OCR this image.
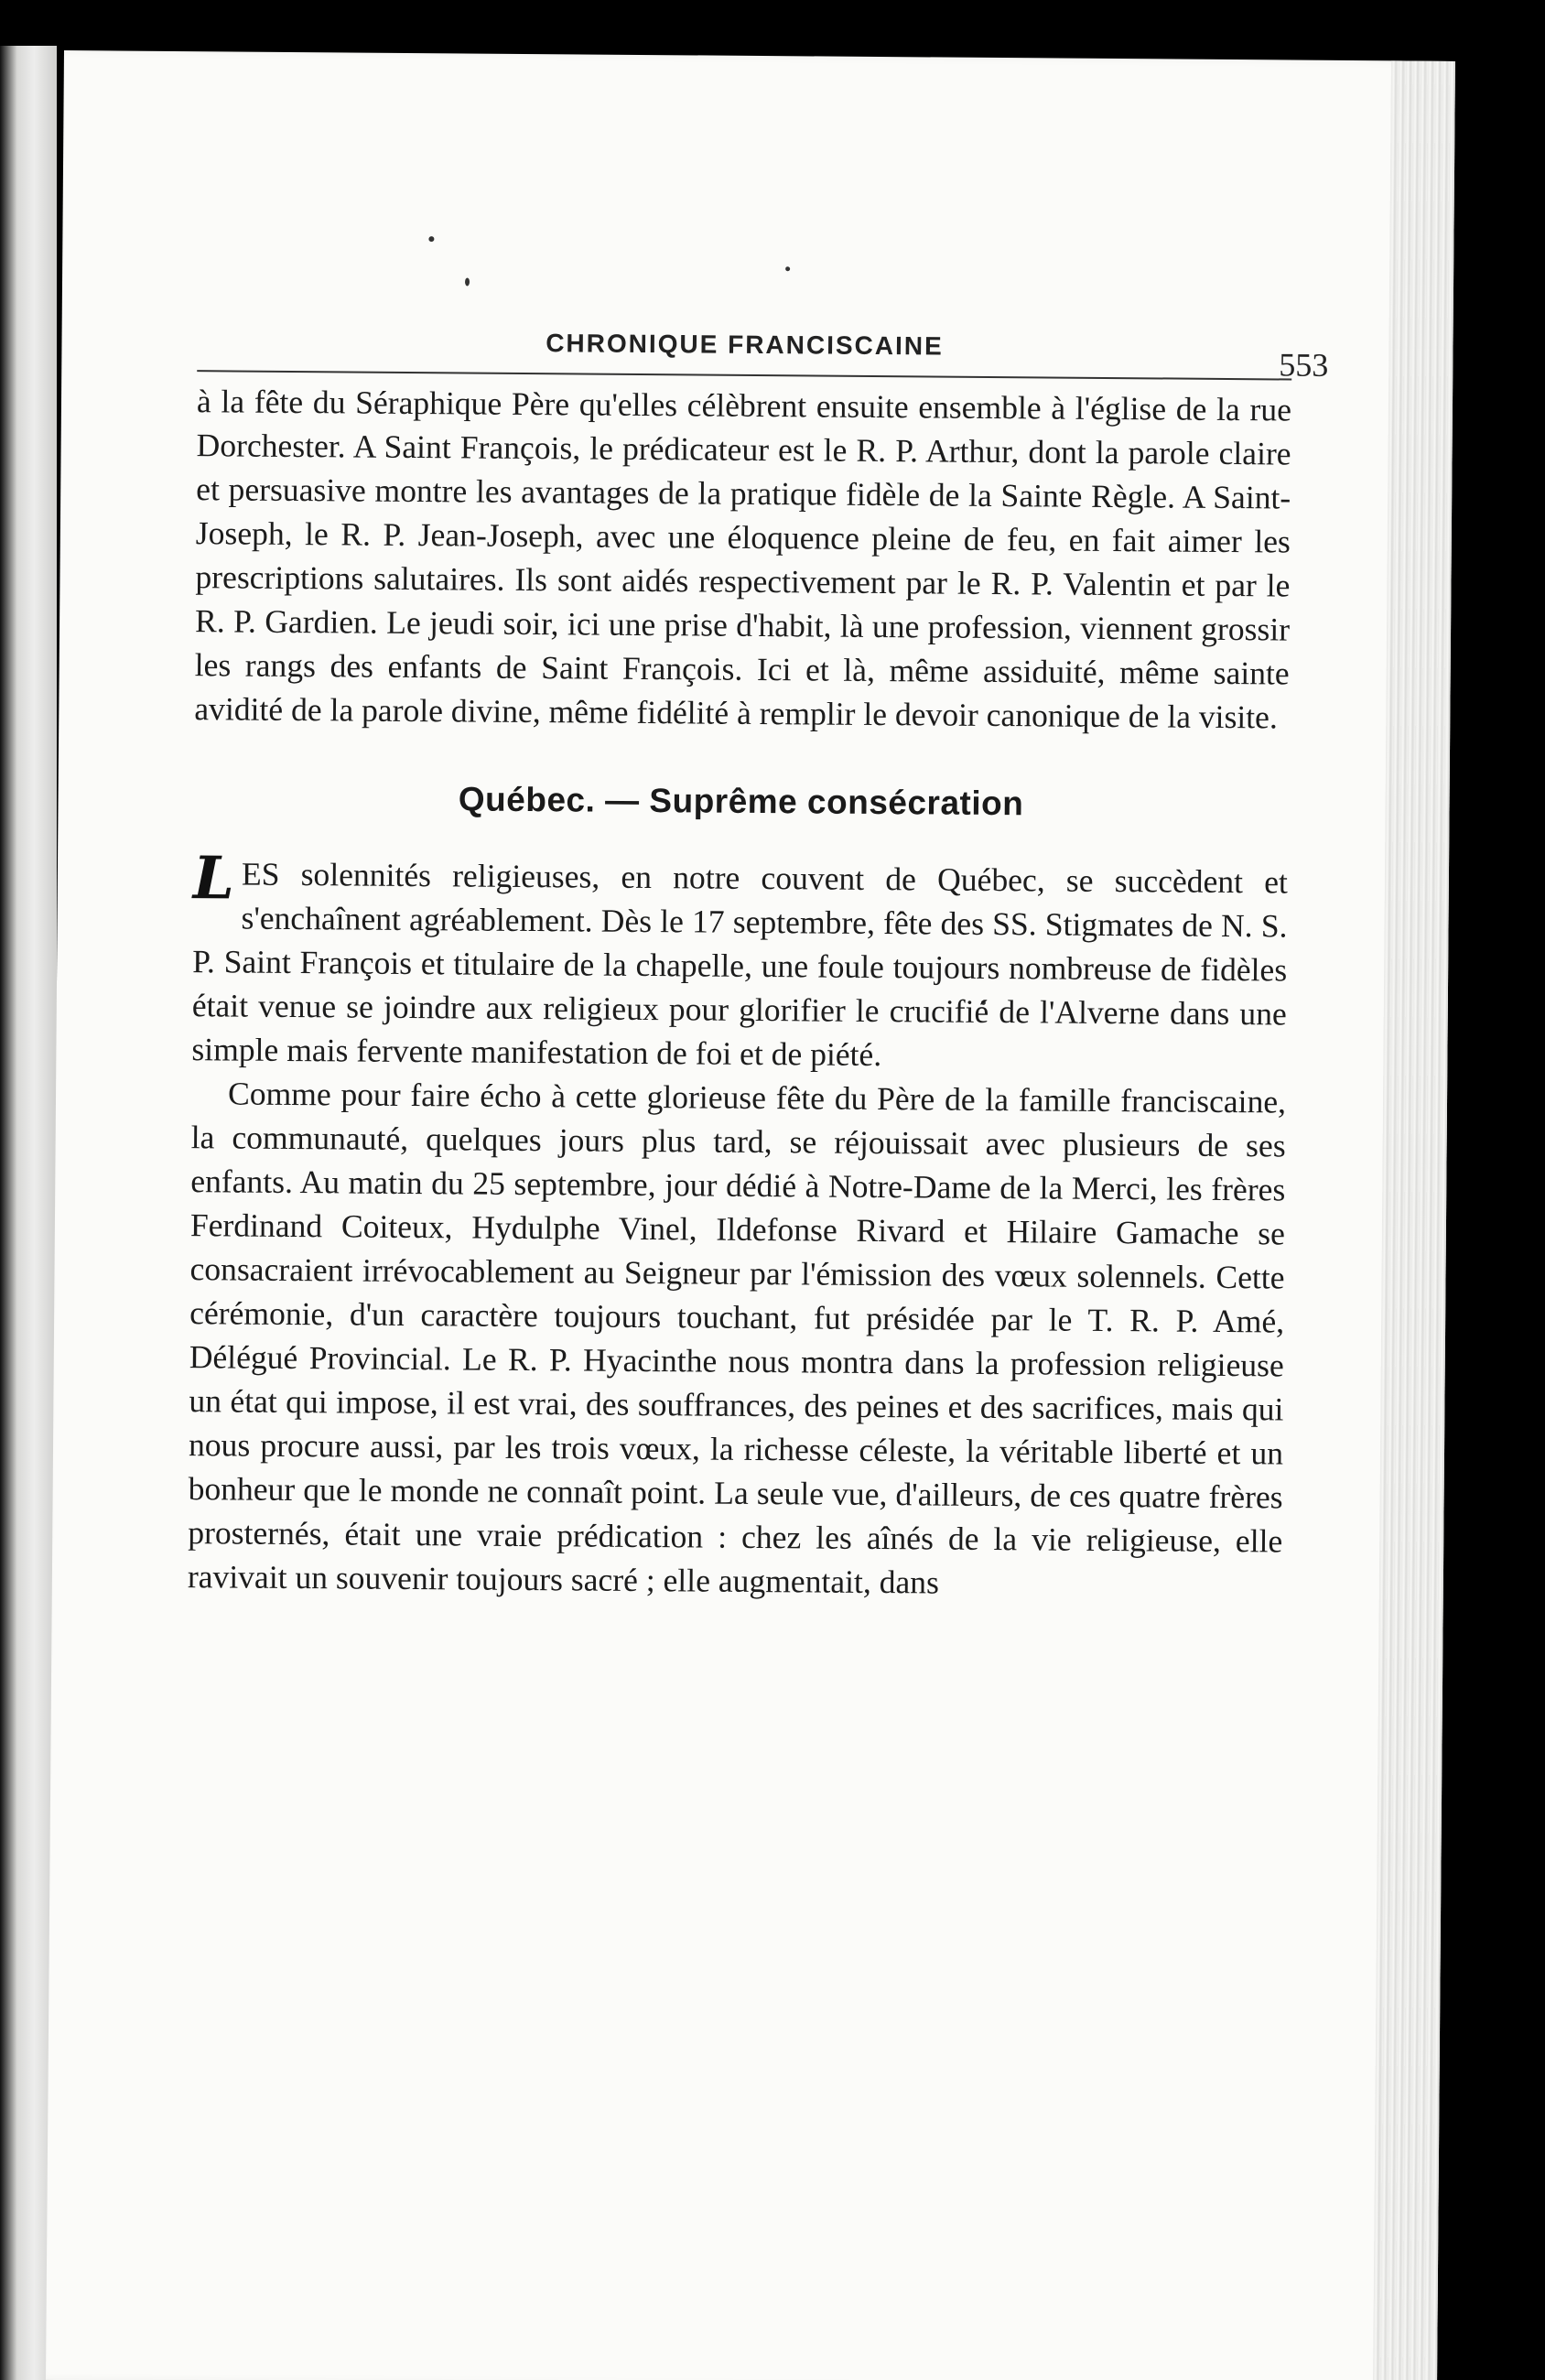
CHRONIQUE FRANCISCAINE
553

à la fête du Séraphique Père qu'elles célèbrent ensuite ensemble à l'église de la rue Dorchester. A Saint François, le prédicateur est le R. P. Arthur, dont la parole claire et persuasive montre les avantages de la pratique fidèle de la Sainte Règle. A Saint-Joseph, le R. P. Jean-Joseph, avec une éloquence pleine de feu, en fait aimer les prescriptions salutaires. Ils sont aidés respectivement par le R. P. Valentin et par le R. P. Gardien. Le jeudi soir, ici une prise d'habit, là une profession, viennent grossir les rangs des enfants de Saint François. Ici et là, même assiduité, même sainte avidité de la parole divine, même fidélité à remplir le devoir canonique de la visite.

Québec. — Suprême consécration

LES solennités religieuses, en notre couvent de Québec, se succèdent et s'enchaînent agréablement. Dès le 17 septembre, fête des SS. Stigmates de N. S. P. Saint François et titulaire de la chapelle, une foule toujours nombreuse de fidèles était venue se joindre aux religieux pour glorifier le crucifié de l'Alverne dans une simple mais fervente manifestation de foi et de piété.

Comme pour faire écho à cette glorieuse fête du Père de la famille franciscaine, la communauté, quelques jours plus tard, se réjouissait avec plusieurs de ses enfants. Au matin du 25 septembre, jour dédié à Notre-Dame de la Merci, les frères Ferdinand Coiteux, Hydulphe Vinel, Ildefonse Rivard et Hilaire Gamache se consacraient irrévocablement au Seigneur par l'émission des vœux solennels. Cette cérémonie, d'un caractère toujours touchant, fut présidée par le T. R. P. Amé, Délégué Provincial. Le R. P. Hyacinthe nous montra dans la profession religieuse un état qui impose, il est vrai, des souffrances, des peines et des sacrifices, mais qui nous procure aussi, par les trois vœux, la richesse céleste, la véritable liberté et un bonheur que le monde ne connaît point. La seule vue, d'ailleurs, de ces quatre frères prosternés, était une vraie prédication : chez les aînés de la vie religieuse, elle ravivait un souvenir toujours sacré ; elle augmentait, dans
